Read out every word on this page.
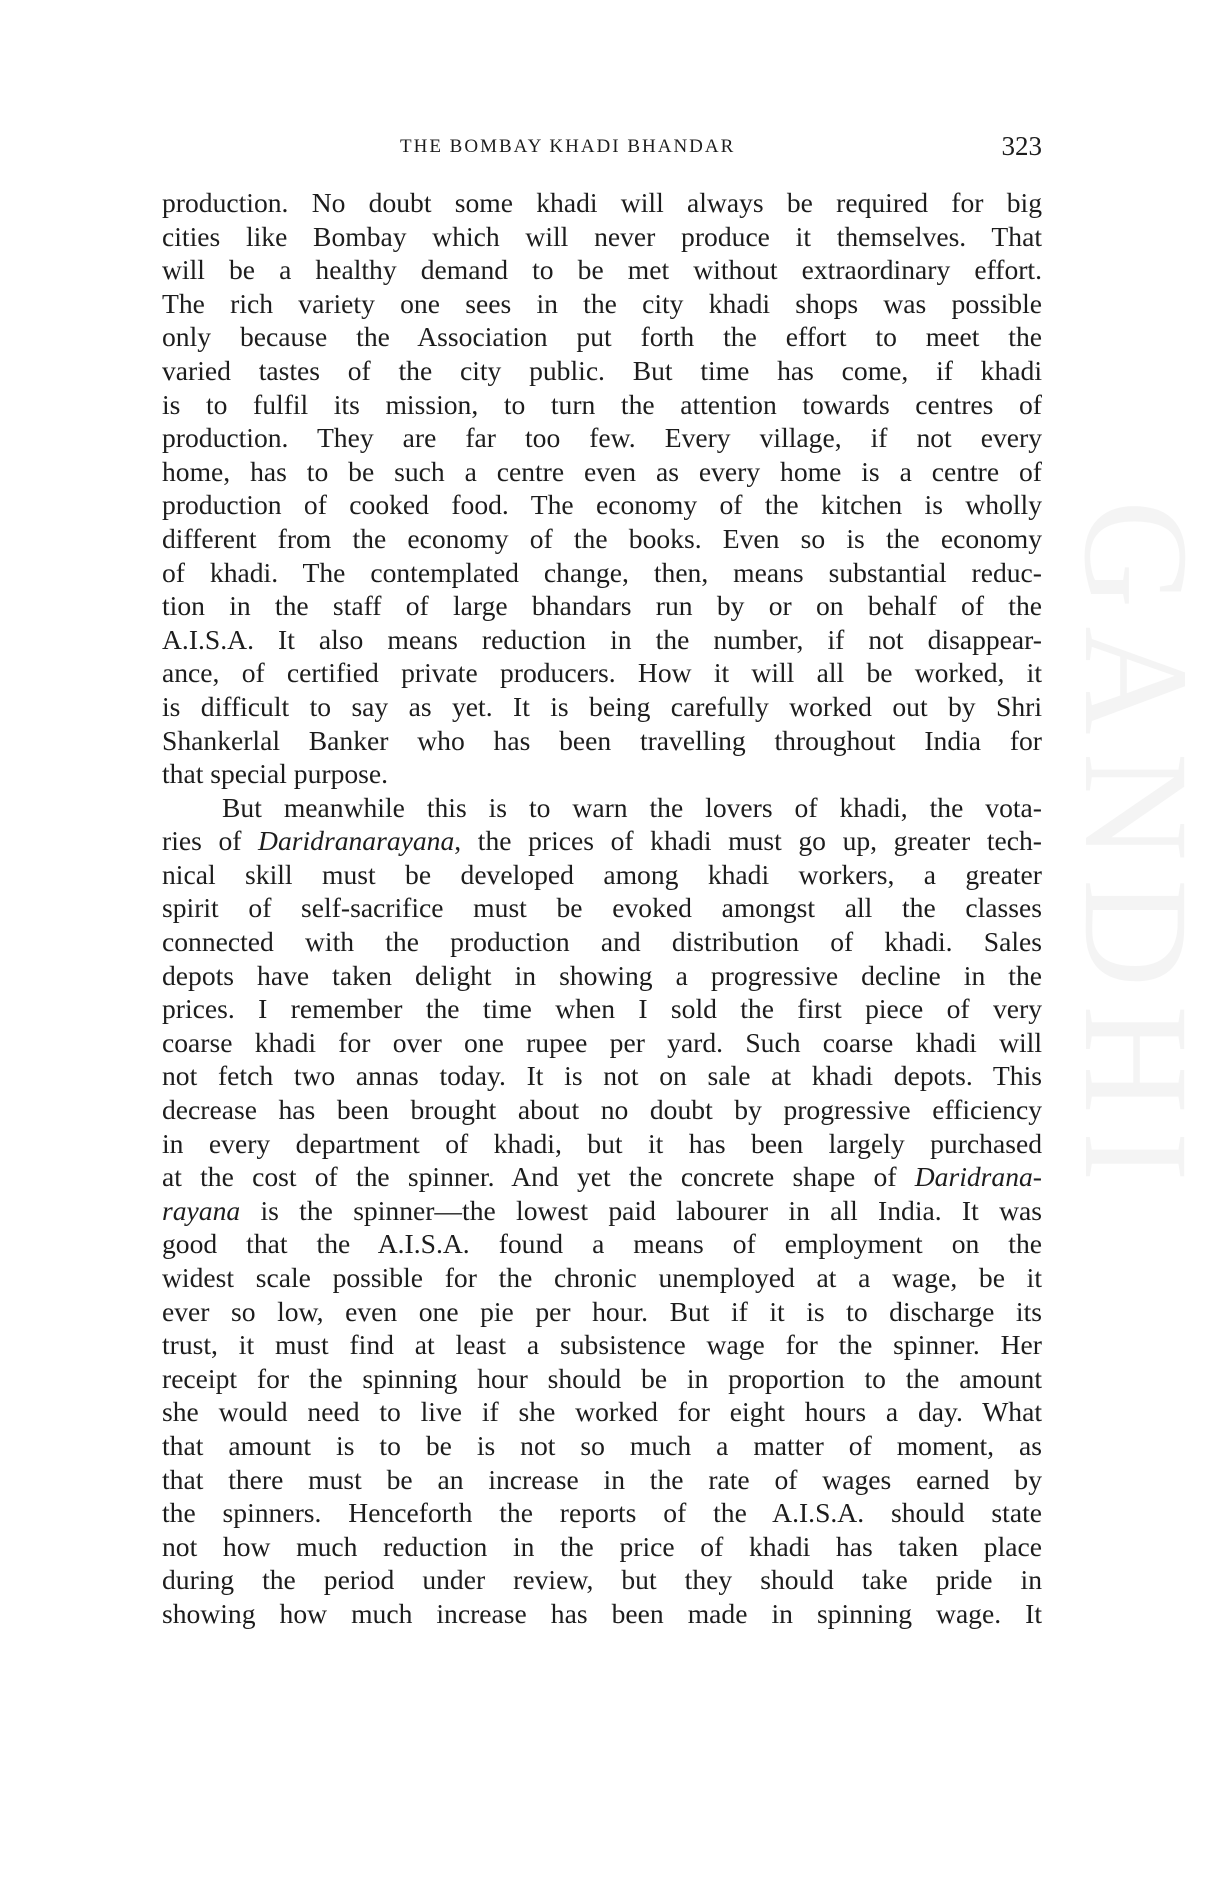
THE BOMBAY KHADI BHANDAR	323
production. No doubt some khadi will always be required for big
cities like Bombay which will never produce it themselves. That
will be a healthy demand to be met without extraordinary effort.
The rich variety one sees in the city khadi shops was possible
only because the Association put forth the effort to meet the
varied tastes of the city public. But time has come, if khadi
is to fulfil its mission, to turn the attention towards centres of
production. They are far too few. Every village, if not every
home, has to be such a centre even as every home is a centre of
production of cooked food. The economy of the kitchen is wholly
different from the economy of the books. Even so is the economy
of khadi. The contemplated change, then, means substantial reduc-
tion in the staff of large bhandars run by or on behalf of the
A.I.S.A. It also means reduction in the number, if not disappear-
ance, of certified private producers. How it will all be worked, it
is difficult to say as yet. It is being carefully worked out by Shri
Shankerlal Banker who has been travelling throughout India for
that special purpose.
But meanwhile this is to warn the lovers of khadi, the vota-
ries of Daridranarayana, the prices of khadi must go up, greater tech-
nical skill must be developed among khadi workers, a greater
spirit of self-sacrifice must be evoked amongst all the classes
connected with the production and distribution of khadi. Sales
depots have taken delight in showing a progressive decline in the
prices. I remember the time when I sold the first piece of very
coarse khadi for over one rupee per yard. Such coarse khadi will
not fetch two annas today. It is not on sale at khadi depots. This
decrease has been brought about no doubt by progressive efficiency
in every department of khadi, but it has been largely purchased
at the cost of the spinner. And yet the concrete shape of Daridrana-
rayana is the spinner—the lowest paid labourer in all India. It was
good that the A.I.S.A. found a means of employment on the
widest scale possible for the chronic unemployed at a wage, be it
ever so low, even one pie per hour. But if it is to discharge its
trust, it must find at least a subsistence wage for the spinner. Her
receipt for the spinning hour should be in proportion to the amount
she would need to live if she worked for eight hours a day. What
that amount is to be is not so much a matter of moment, as
that there must be an increase in the rate of wages earned by
the spinners. Henceforth the reports of the A.I.S.A. should state
not how much reduction in the price of khadi has taken place
during the period under review, but they should take pride in
showing how much increase has been made in spinning wage. It
